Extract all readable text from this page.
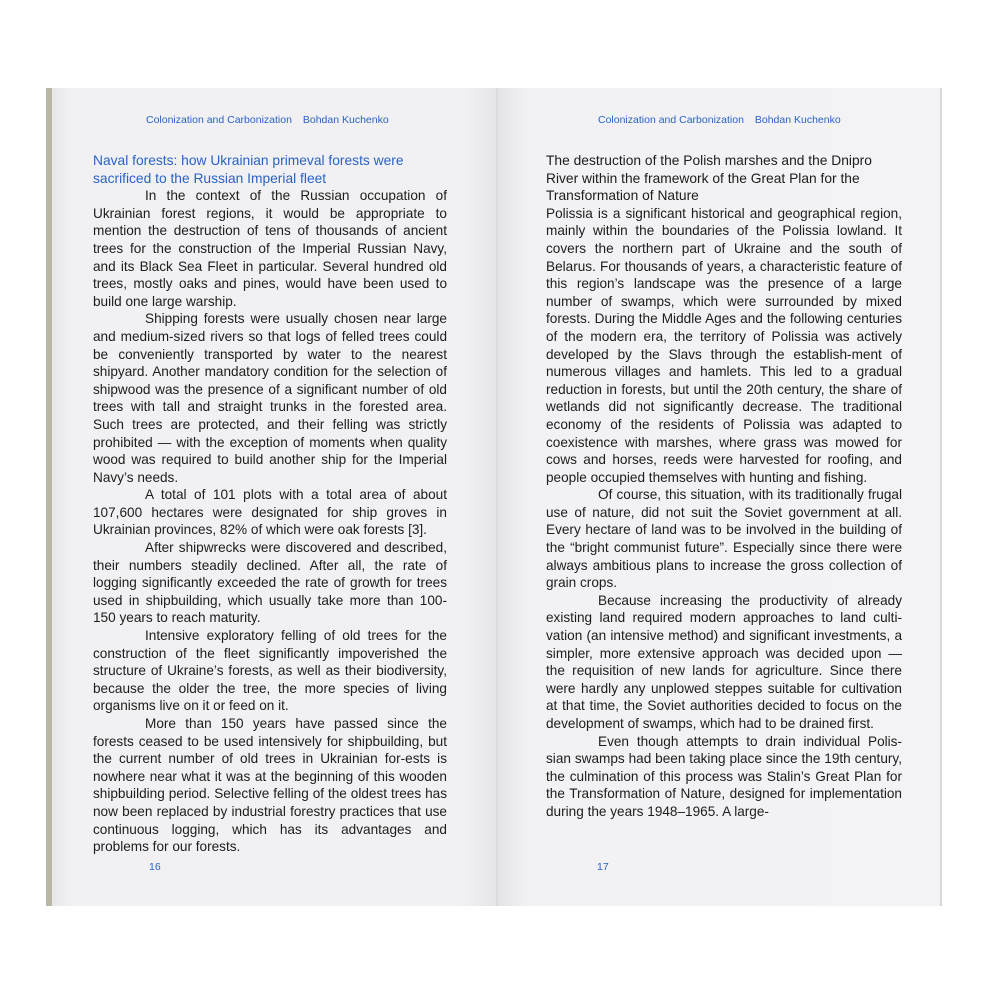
Colonization and Carbonization Bohdan Kuchenko
Naval forests: how Ukrainian primeval forests were sacrificed to the Russian Imperial fleet

In the context of the Russian occupation of Ukrainian forest regions, it would be appropriate to mention the destruction of tens of thousands of ancient trees for the construction of the Imperial Russian Navy, and its Black Sea Fleet in particular. Several hundred old trees, mostly oaks and pines, would have been used to build one large warship.

Shipping forests were usually chosen near large and medium-sized rivers so that logs of felled trees could be conveniently transported by water to the nearest shipyard. Another mandatory condition for the selection of shipwood was the presence of a significant number of old trees with tall and straight trunks in the forested area. Such trees are protected, and their felling was strictly prohibited — with the exception of moments when quality wood was required to build another ship for the Imperial Navy’s needs.

A total of 101 plots with a total area of about 107,600 hectares were designated for ship groves in Ukrainian provinces, 82% of which were oak forests [3].

After shipwrecks were discovered and described, their numbers steadily declined. After all, the rate of logging significantly exceeded the rate of growth for trees used in shipbuilding, which usually take more than 100-150 years to reach maturity.

Intensive exploratory felling of old trees for the construction of the fleet significantly impoverished the structure of Ukraine’s forests, as well as their biodiversity, because the older the tree, the more species of living organisms live on it or feed on it.

More than 150 years have passed since the forests ceased to be used intensively for shipbuilding, but the current number of old trees in Ukrainian for-ests is nowhere near what it was at the beginning of this wooden shipbuilding period. Selective felling of the oldest trees has now been replaced by industrial forestry practices that use continuous logging, which has its advantages and problems for our forests.

16
Colonization and Carbonization Bohdan Kuchenko
The destruction of the Polish marshes and the Dnipro River within the framework of the Great Plan for the Transformation of Nature

Polissia is a significant historical and geographical region, mainly within the boundaries of the Polissia lowland. It covers the northern part of Ukraine and the south of Belarus. For thousands of years, a characteristic feature of this region’s landscape was the presence of a large number of swamps, which were surrounded by mixed forests. During the Middle Ages and the following centuries of the modern era, the territory of Polissia was actively developed by the Slavs through the establish-ment of numerous villages and hamlets. This led to a gradual reduction in forests, but until the 20th century, the share of wetlands did not significantly decrease. The traditional economy of the residents of Polissia was adapted to coexistence with marshes, where grass was mowed for cows and horses, reeds were harvested for roofing, and people occupied themselves with hunting and fishing.

Of course, this situation, with its traditionally frugal use of nature, did not suit the Soviet government at all. Every hectare of land was to be involved in the building of the “bright communist future”. Especially since there were always ambitious plans to increase the gross collection of grain crops.

Because increasing the productivity of already existing land required modern approaches to land culti-vation (an intensive method) and significant investments, a simpler, more extensive approach was decided upon — the requisition of new lands for agriculture. Since there were hardly any unplowed steppes suitable for cultivation at that time, the Soviet authorities decided to focus on the development of swamps, which had to be drained first.

Even though attempts to drain individual Polis-sian swamps had been taking place since the 19th century, the culmination of this process was Stalin’s Great Plan for the Transformation of Nature, designed for implementation during the years 1948–1965. A large-

17
